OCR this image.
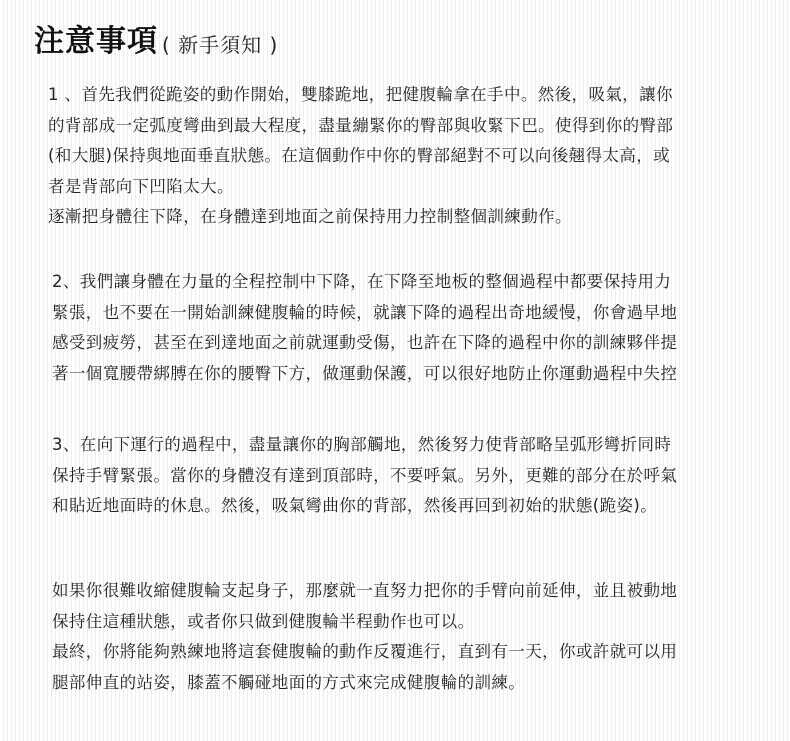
注意事項 ( 新手須知 )
1 、首先我們從跪姿的動作開始，雙膝跪地，把健腹輪拿在手中。然後，吸氣，讓你
的背部成一定弧度彎曲到最大程度，盡量繃緊你的臀部與收緊下巴。使得到你的臀部
(和大腿)保持與地面垂直狀態。在這個動作中你的臀部絕對不可以向後翹得太高，或
者是背部向下凹陷太大。
逐漸把身體往下降，在身體達到地面之前保持用力控制整個訓練動作。
2、我們讓身體在力量的全程控制中下降，在下降至地板的整個過程中都要保持用力
緊張，也不要在一開始訓練健腹輪的時候，就讓下降的過程出奇地緩慢，你會過早地
感受到疲勞，甚至在到達地面之前就運動受傷，也許在下降的過程中你的訓練夥伴提
著一個寬腰帶綁膊在你的腰臀下方，做運動保護，可以很好地防止你運動過程中失控
3、在向下運行的過程中，盡量讓你的胸部觸地，然後努力使背部略呈弧形彎折同時
保持手臂緊張。當你的身體沒有達到頂部時，不要呼氣。另外，更難的部分在於呼氣
和貼近地面時的休息。然後，吸氣彎曲你的背部，然後再回到初始的狀態(跪姿)。
如果你很難收縮健腹輪支起身子，那麼就一直努力把你的手臂向前延伸，並且被動地
保持住這種狀態，或者你只做到健腹輪半程動作也可以。
最終，你將能夠熟練地將這套健腹輪的動作反覆進行，直到有一天，你或許就可以用
腿部伸直的站姿，膝蓋不觸碰地面的方式來完成健腹輪的訓練。
